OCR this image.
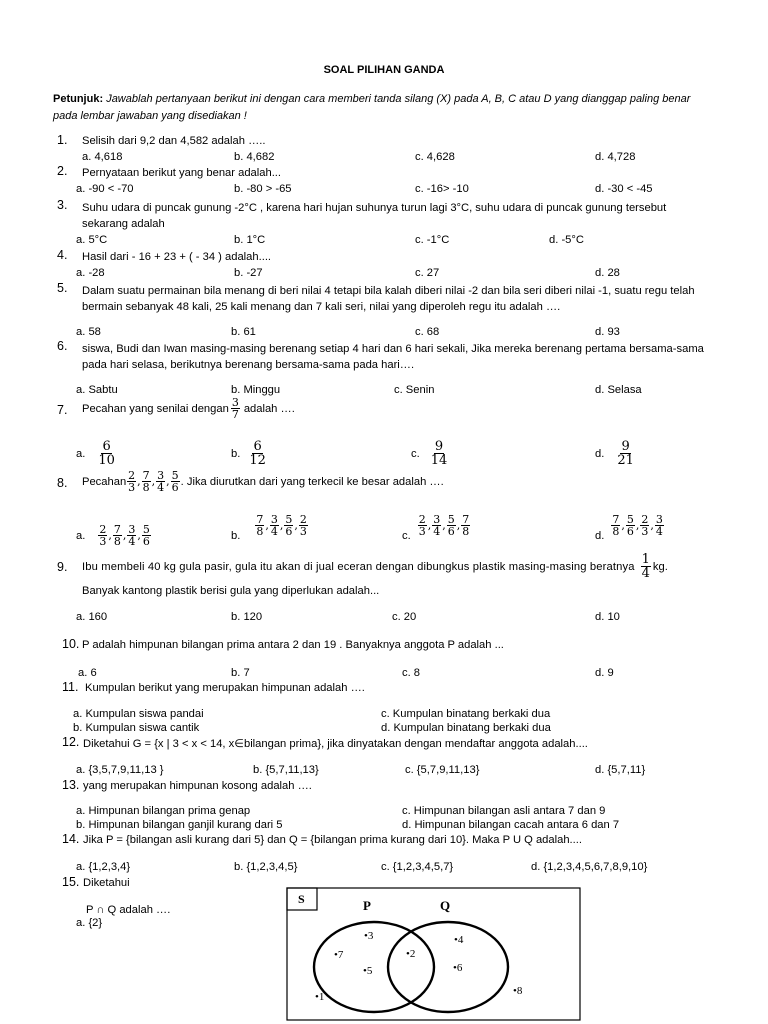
SOAL PILIHAN GANDA
Petunjuk: Jawablah pertanyaan berikut ini dengan cara memberi tanda silang (X) pada A, B, C atau D yang dianggap paling benar pada lembar jawaban yang disediakan !
1. Selisih dari 9,2 dan 4,582 adalah …..
a. 4,618	b. 4,682	c. 4,628	d. 4,728
2. Pernyataan berikut yang benar adalah...
a. -90 < -70	b. -80 > -65	c. -16> -10	d. -30 < -45
3. Suhu udara di puncak gunung -2°C , karena hari hujan suhunya turun lagi 3°C, suhu udara di puncak gunung tersebut sekarang adalah
a. 5°C	b. 1°C	c. -1°C	d. -5°C
4. Hasil dari - 16 + 23 + ( - 34 ) adalah....
a. -28	b. -27	c. 27	d. 28
5. Dalam suatu permainan bila menang di beri nilai 4 tetapi bila kalah diberi nilai -2 dan bila seri diberi nilai -1, suatu regu telah bermain sebanyak 48 kali, 25 kali menang dan 7 kali seri, nilai yang diperoleh regu itu adalah ….
a. 58	b. 61	c. 68	d. 93
6. siswa, Budi dan Iwan masing-masing berenang setiap 4 hari dan 6 hari sekali, Jika mereka berenang pertama bersama-sama pada hari selasa, berikutnya berenang bersama-sama pada hari….
a. Sabtu	b. Minggu	c. Senin	d. Selasa
7. Pecahan yang senilai dengan $\frac{3}{7}$ adalah ….
a. $\frac{6}{10}$	b. $\frac{6}{12}$	c. $\frac{9}{14}$	d. $\frac{9}{21}$
8. Pecahan $\frac{2}{3}$ , $\frac{7}{8}$ , $\frac{3}{4}$ , $\frac{5}{6}$ . Jika diurutkan dari yang terkecil ke besar adalah ….
a. $\frac{2}{3}$ , $\frac{7}{8}$ , $\frac{3}{4}$ , $\frac{5}{6}$	b. $\frac{7}{8}$ , $\frac{3}{4}$ , $\frac{5}{6}$ , $\frac{2}{3}$	c. $\frac{2}{3}$ , $\frac{3}{4}$ , $\frac{5}{6}$ , $\frac{7}{8}$	d. $\frac{7}{8}$ , $\frac{5}{6}$ , $\frac{2}{3}$ , $\frac{3}{4}$
9. Ibu membeli 40 kg gula pasir, gula itu akan di jual eceran dengan dibungkus plastik masing-masing beratnya $\frac{1}{4}$ kg.
Banyak kantong plastik berisi gula yang diperlukan adalah...
a. 160	b. 120	c. 20	d. 10
10. P adalah himpunan bilangan prima antara 2 dan 19 . Banyaknya anggota P adalah ...
a. 6	b. 7	c. 8	d. 9
11. Kumpulan berikut yang merupakan himpunan adalah ….
a. Kumpulan siswa pandai
b. Kumpulan siswa cantik
c. Kumpulan binatang berkaki dua
d. Kumpulan binatang berkaki dua
12. Diketahui G = {x | 3 < x < 14, x∈bilangan prima}, jika dinyatakan dengan mendaftar anggota adalah....
a. {3,5,7,9,11,13 }	b. {5,7,11,13}	c. {5,7,9,11,13}	d. {5,7,11}
13. yang merupakan himpunan kosong adalah ….
a. Himpunan bilangan prima genap
b. Himpunan bilangan ganjil kurang dari 5
c. Himpunan bilangan asli antara 7 dan 9
d. Himpunan bilangan cacah antara 6 dan 7
14. Jika P = {bilangan asli kurang dari 5} dan Q = {bilangan prima kurang dari 10}. Maka P U Q adalah....
a. {1,2,3,4}	b. {1,2,3,4,5}	c. {1,2,3,4,5,7}	d. {1,2,3,4,5,6,7,8,9,10}
15. Diketahui
P ∩ Q adalah ….
a. {2}
S	P	Q
•3
•7
•5
•2
•4
•6
•1	•8
